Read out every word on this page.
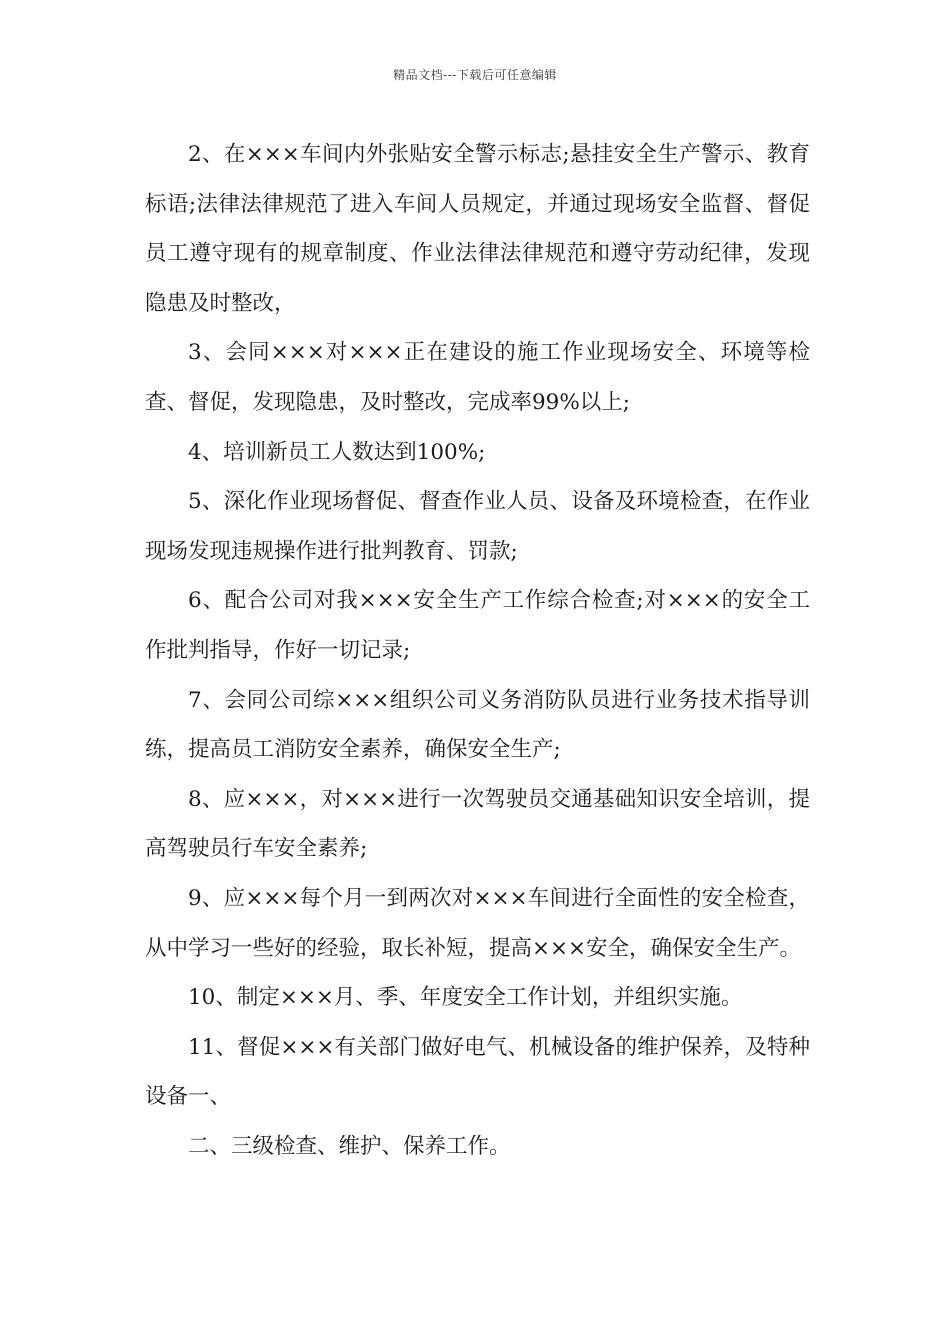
精品文档---下载后可任意编辑

2、在×××车间内外张贴安全警示标志;悬挂安全生产警示、教育标语;法律法律规范了进入车间人员规定，并通过现场安全监督、督促员工遵守现有的规章制度、作业法律法律规范和遵守劳动纪律，发现隐患及时整改，

3、会同×××对×××正在建设的施工作业现场安全、环境等检查、督促，发现隐患，及时整改，完成率99%以上;

4、培训新员工人数达到100%;

5、深化作业现场督促、督查作业人员、设备及环境检查，在作业现场发现违规操作进行批判教育、罚款;

6、配合公司对我×××安全生产工作综合检查;对×××的安全工作批判指导，作好一切记录;

7、会同公司综×××组织公司义务消防队员进行业务技术指导训练，提高员工消防安全素养，确保安全生产;

8、应×××，对×××进行一次驾驶员交通基础知识安全培训，提高驾驶员行车安全素养;

9、应×××每个月一到两次对×××车间进行全面性的安全检查，从中学习一些好的经验，取长补短，提高×××安全，确保安全生产。

10、制定×××月、季、年度安全工作计划，并组织实施。

11、督促×××有关部门做好电气、机械设备的维护保养，及特种设备一、

二、三级检查、维护、保养工作。
